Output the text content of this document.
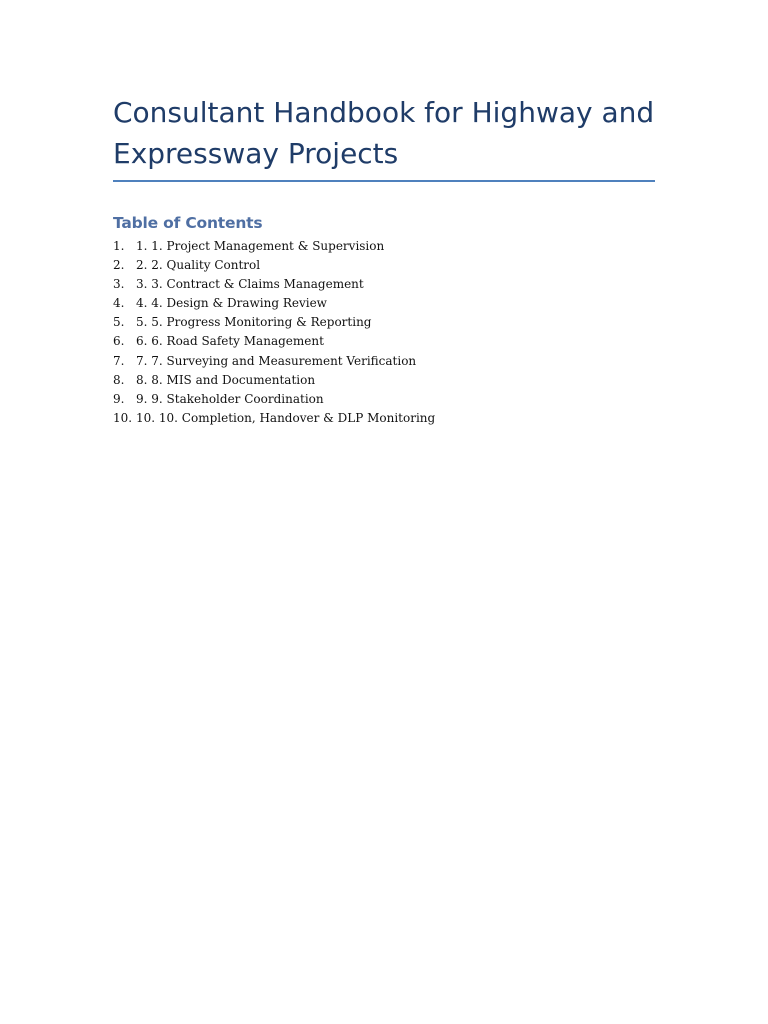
Consultant Handbook for Highway and Expressway Projects
Table of Contents
1. 1. 1. Project Management & Supervision
2. 2. 2. Quality Control
3. 3. 3. Contract & Claims Management
4. 4. 4. Design & Drawing Review
5. 5. 5. Progress Monitoring & Reporting
6. 6. 6. Road Safety Management
7. 7. 7. Surveying and Measurement Verification
8. 8. 8. MIS and Documentation
9. 9. 9. Stakeholder Coordination
10. 10. 10. Completion, Handover & DLP Monitoring
